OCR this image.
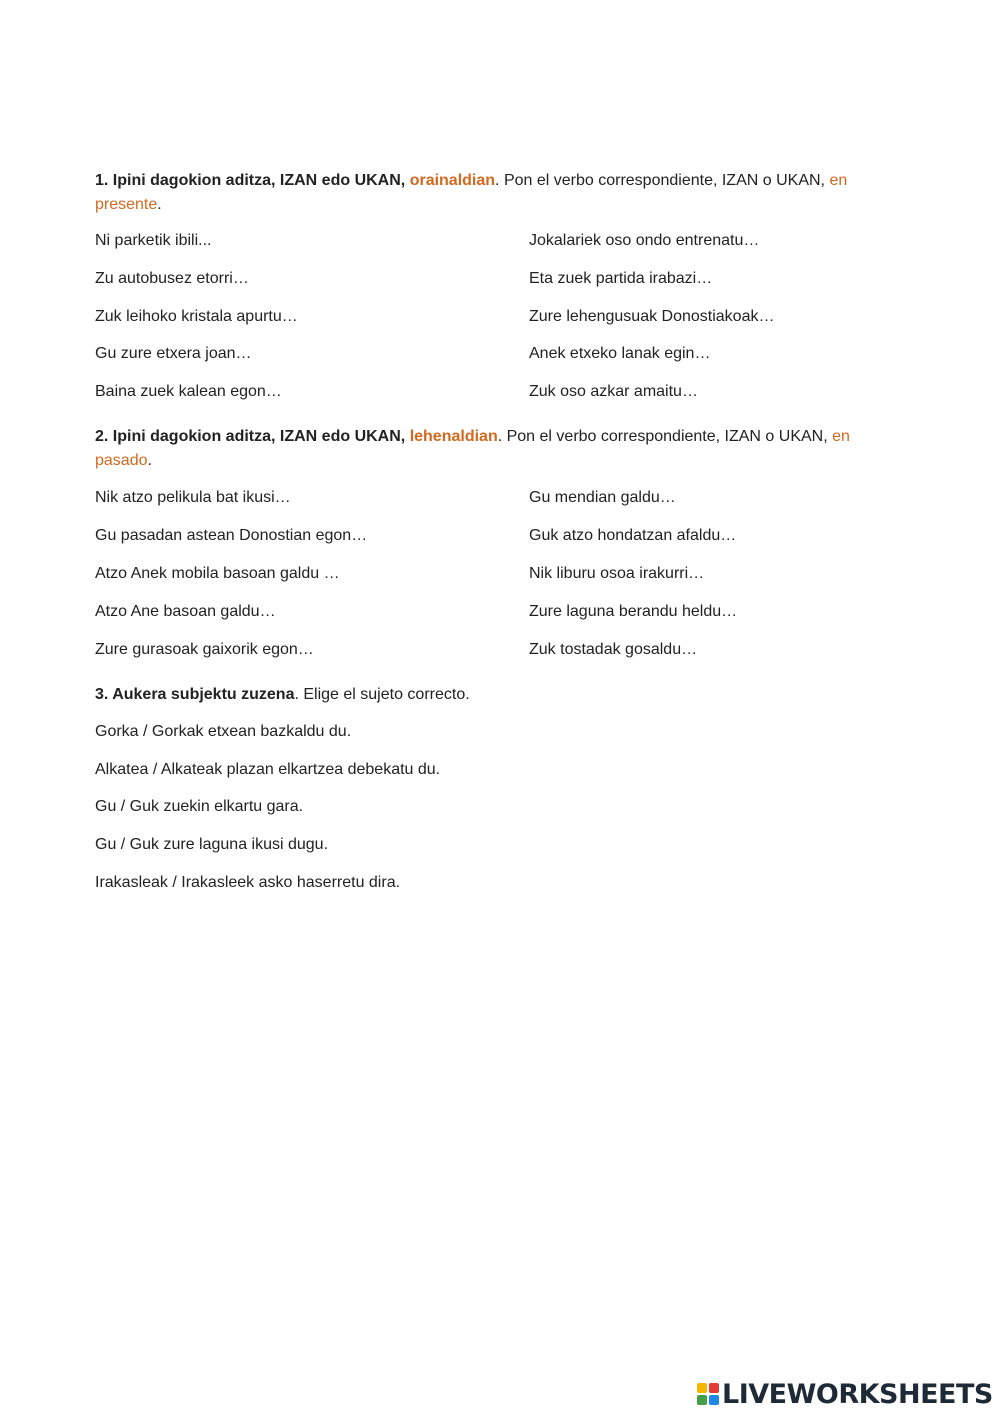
1. Ipini dagokion aditza, IZAN edo UKAN, orainaldian. Pon el verbo correspondiente, IZAN o UKAN, en presente.
Ni parketik ibili...
Zu autobusez etorri…
Zuk leihoko kristala apurtu…
Gu zure etxera joan…
Baina zuek kalean egon…
Jokalariek oso ondo entrenatu…
Eta zuek partida irabazi…
Zure lehengusuak Donostiakoak…
Anek etxeko lanak egin…
Zuk oso azkar amaitu…
2. Ipini dagokion aditza, IZAN edo UKAN, lehenaldian. Pon el verbo correspondiente, IZAN o UKAN, en pasado.
Nik atzo pelikula bat ikusi…
Gu pasadan astean Donostian egon…
Atzo Anek mobila basoan galdu …
Atzo Ane basoan galdu…
Zure gurasoak gaixorik egon…
Gu mendian galdu…
Guk atzo hondatzan afaldu…
Nik liburu osoa irakurri…
Zure laguna berandu heldu…
Zuk tostadak gosaldu…
3. Aukera subjektu zuzena. Elige el sujeto correcto.
Gorka / Gorkak etxean bazkaldu du.
Alkatea / Alkateak plazan elkartzea debekatu du.
Gu / Guk zuekin elkartu gara.
Gu / Guk zure laguna ikusi dugu.
Irakasleak / Irakasleek asko haserretu dira.
LIVEWORKSHEETS
